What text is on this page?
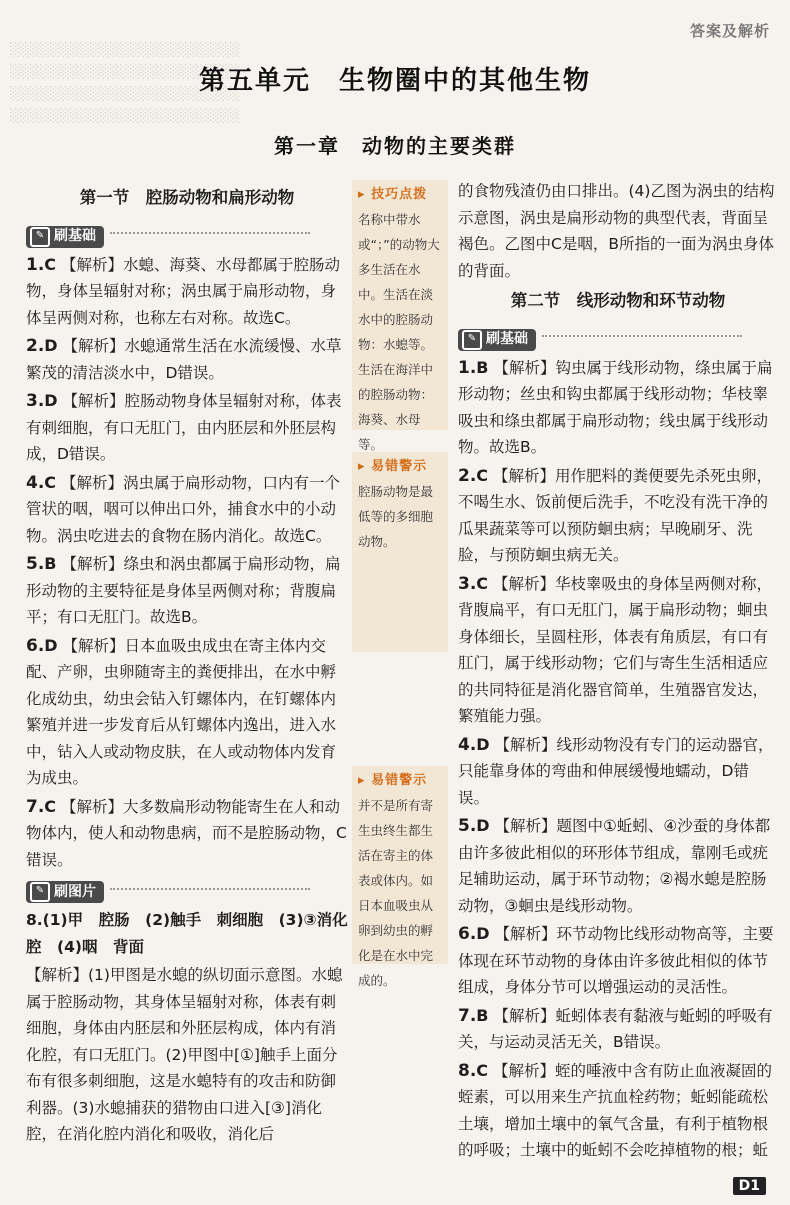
░░░░░░░░░░░░░░░░░░░░░░░
░░░░░░░░░░░░░░░░░░░░░░░
░░░░░░░░░░░░░░░░░░░░░░░
░░░░░░░░░░░░░░░░░░░░░░░
答案及解析
第五单元　生物圈中的其他生物
第一章　动物的主要类群
第一节　腔肠动物和扁形动物
✎ 刷基础

1.C 【解析】水螅、海葵、水母都属于腔肠动物，身体呈辐射对称；涡虫属于扁形动物，身体呈两侧对称，也称左右对称。故选C。

2.D 【解析】水螅通常生活在水流缓慢、水草繁茂的清洁淡水中，D错误。

3.D 【解析】腔肠动物身体呈辐射对称，体表有刺细胞，有口无肛门，由内胚层和外胚层构成，D错误。

4.C 【解析】涡虫属于扁形动物，口内有一个管状的咽，咽可以伸出口外，捕食水中的小动物。涡虫吃进去的食物在肠内消化。故选C。

5.B 【解析】绦虫和涡虫都属于扁形动物，扁形动物的主要特征是身体呈两侧对称；背腹扁平；有口无肛门。故选B。

6.D 【解析】日本血吸虫成虫在寄主体内交配、产卵，虫卵随寄主的粪便排出，在水中孵化成幼虫，幼虫会钻入钉螺体内，在钉螺体内繁殖并进一步发育后从钉螺体内逸出，进入水中，钻入人或动物皮肤，在人或动物体内发育为成虫。

7.C 【解析】大多数扁形动物能寄生在人和动物体内，使人和动物患病，而不是腔肠动物，C错误。

✎ 刷图片

8.(1)甲　腔肠　(2)触手　刺细胞　(3)③消化腔　(4)咽　背面

【解析】(1)甲图是水螅的纵切面示意图。水螅属于腔肠动物，其身体呈辐射对称，体表有刺细胞，身体由内胚层和外胚层构成，体内有消化腔，有口无肛门。(2)甲图中[①]触手上面分布有很多刺细胞，这是水螅特有的攻击和防御利器。(3)水螅捕获的猎物由口进入[③]消化腔，在消化腔内消化和吸收，消化后

▸ 技巧点拨
名称中带水或“；”的动物大多生活在水中。生活在淡水中的腔肠动物：水螅等。生活在海洋中的腔肠动物：海葵、水母等。
▸ 易错警示
腔肠动物是最低等的多细胞动物。
▸ 易错警示
并不是所有寄生虫终生都生活在寄主的体表或体内。如日本血吸虫从卵到幼虫的孵化是在水中完成的。

的食物残渣仍由口排出。(4)乙图为涡虫的结构示意图，涡虫是扁形动物的典型代表，背面呈褐色。乙图中C是咽，B所指的一面为涡虫身体的背面。

第二节　线形动物和环节动物
✎ 刷基础

1.B 【解析】钩虫属于线形动物，绦虫属于扁形动物；丝虫和钩虫都属于线形动物；华枝睾吸虫和绦虫都属于扁形动物；线虫属于线形动物。故选B。

2.C 【解析】用作肥料的粪便要先杀死虫卵，不喝生水、饭前便后洗手，不吃没有洗干净的瓜果蔬菜等可以预防蛔虫病；早晚刷牙、洗脸，与预防蛔虫病无关。

3.C 【解析】华枝睾吸虫的身体呈两侧对称，背腹扁平，有口无肛门，属于扁形动物；蛔虫身体细长，呈圆柱形，体表有角质层，有口有肛门，属于线形动物；它们与寄生生活相适应的共同特征是消化器官简单，生殖器官发达，繁殖能力强。

4.D 【解析】线形动物没有专门的运动器官，只能靠身体的弯曲和伸展缓慢地蠕动，D错误。

5.D 【解析】题图中①蚯蚓、④沙蚕的身体都由许多彼此相似的环形体节组成，靠刚毛或疣足辅助运动，属于环节动物；②褐水螅是腔肠动物，③蛔虫是线形动物。

6.D 【解析】环节动物比线形动物高等，主要体现在环节动物的身体由许多彼此相似的体节组成，身体分节可以增强运动的灵活性。

7.B 【解析】蚯蚓体表有黏液与蚯蚓的呼吸有关，与运动灵活无关，B错误。

8.C 【解析】蛭的唾液中含有防止血液凝固的蛭素，可以用来生产抗血栓药物；蚯蚓能疏松土壤，增加土壤中的氧气含量，有利于植物根的呼吸；土壤中的蚯蚓不会吃掉植物的根；蚯

D1
